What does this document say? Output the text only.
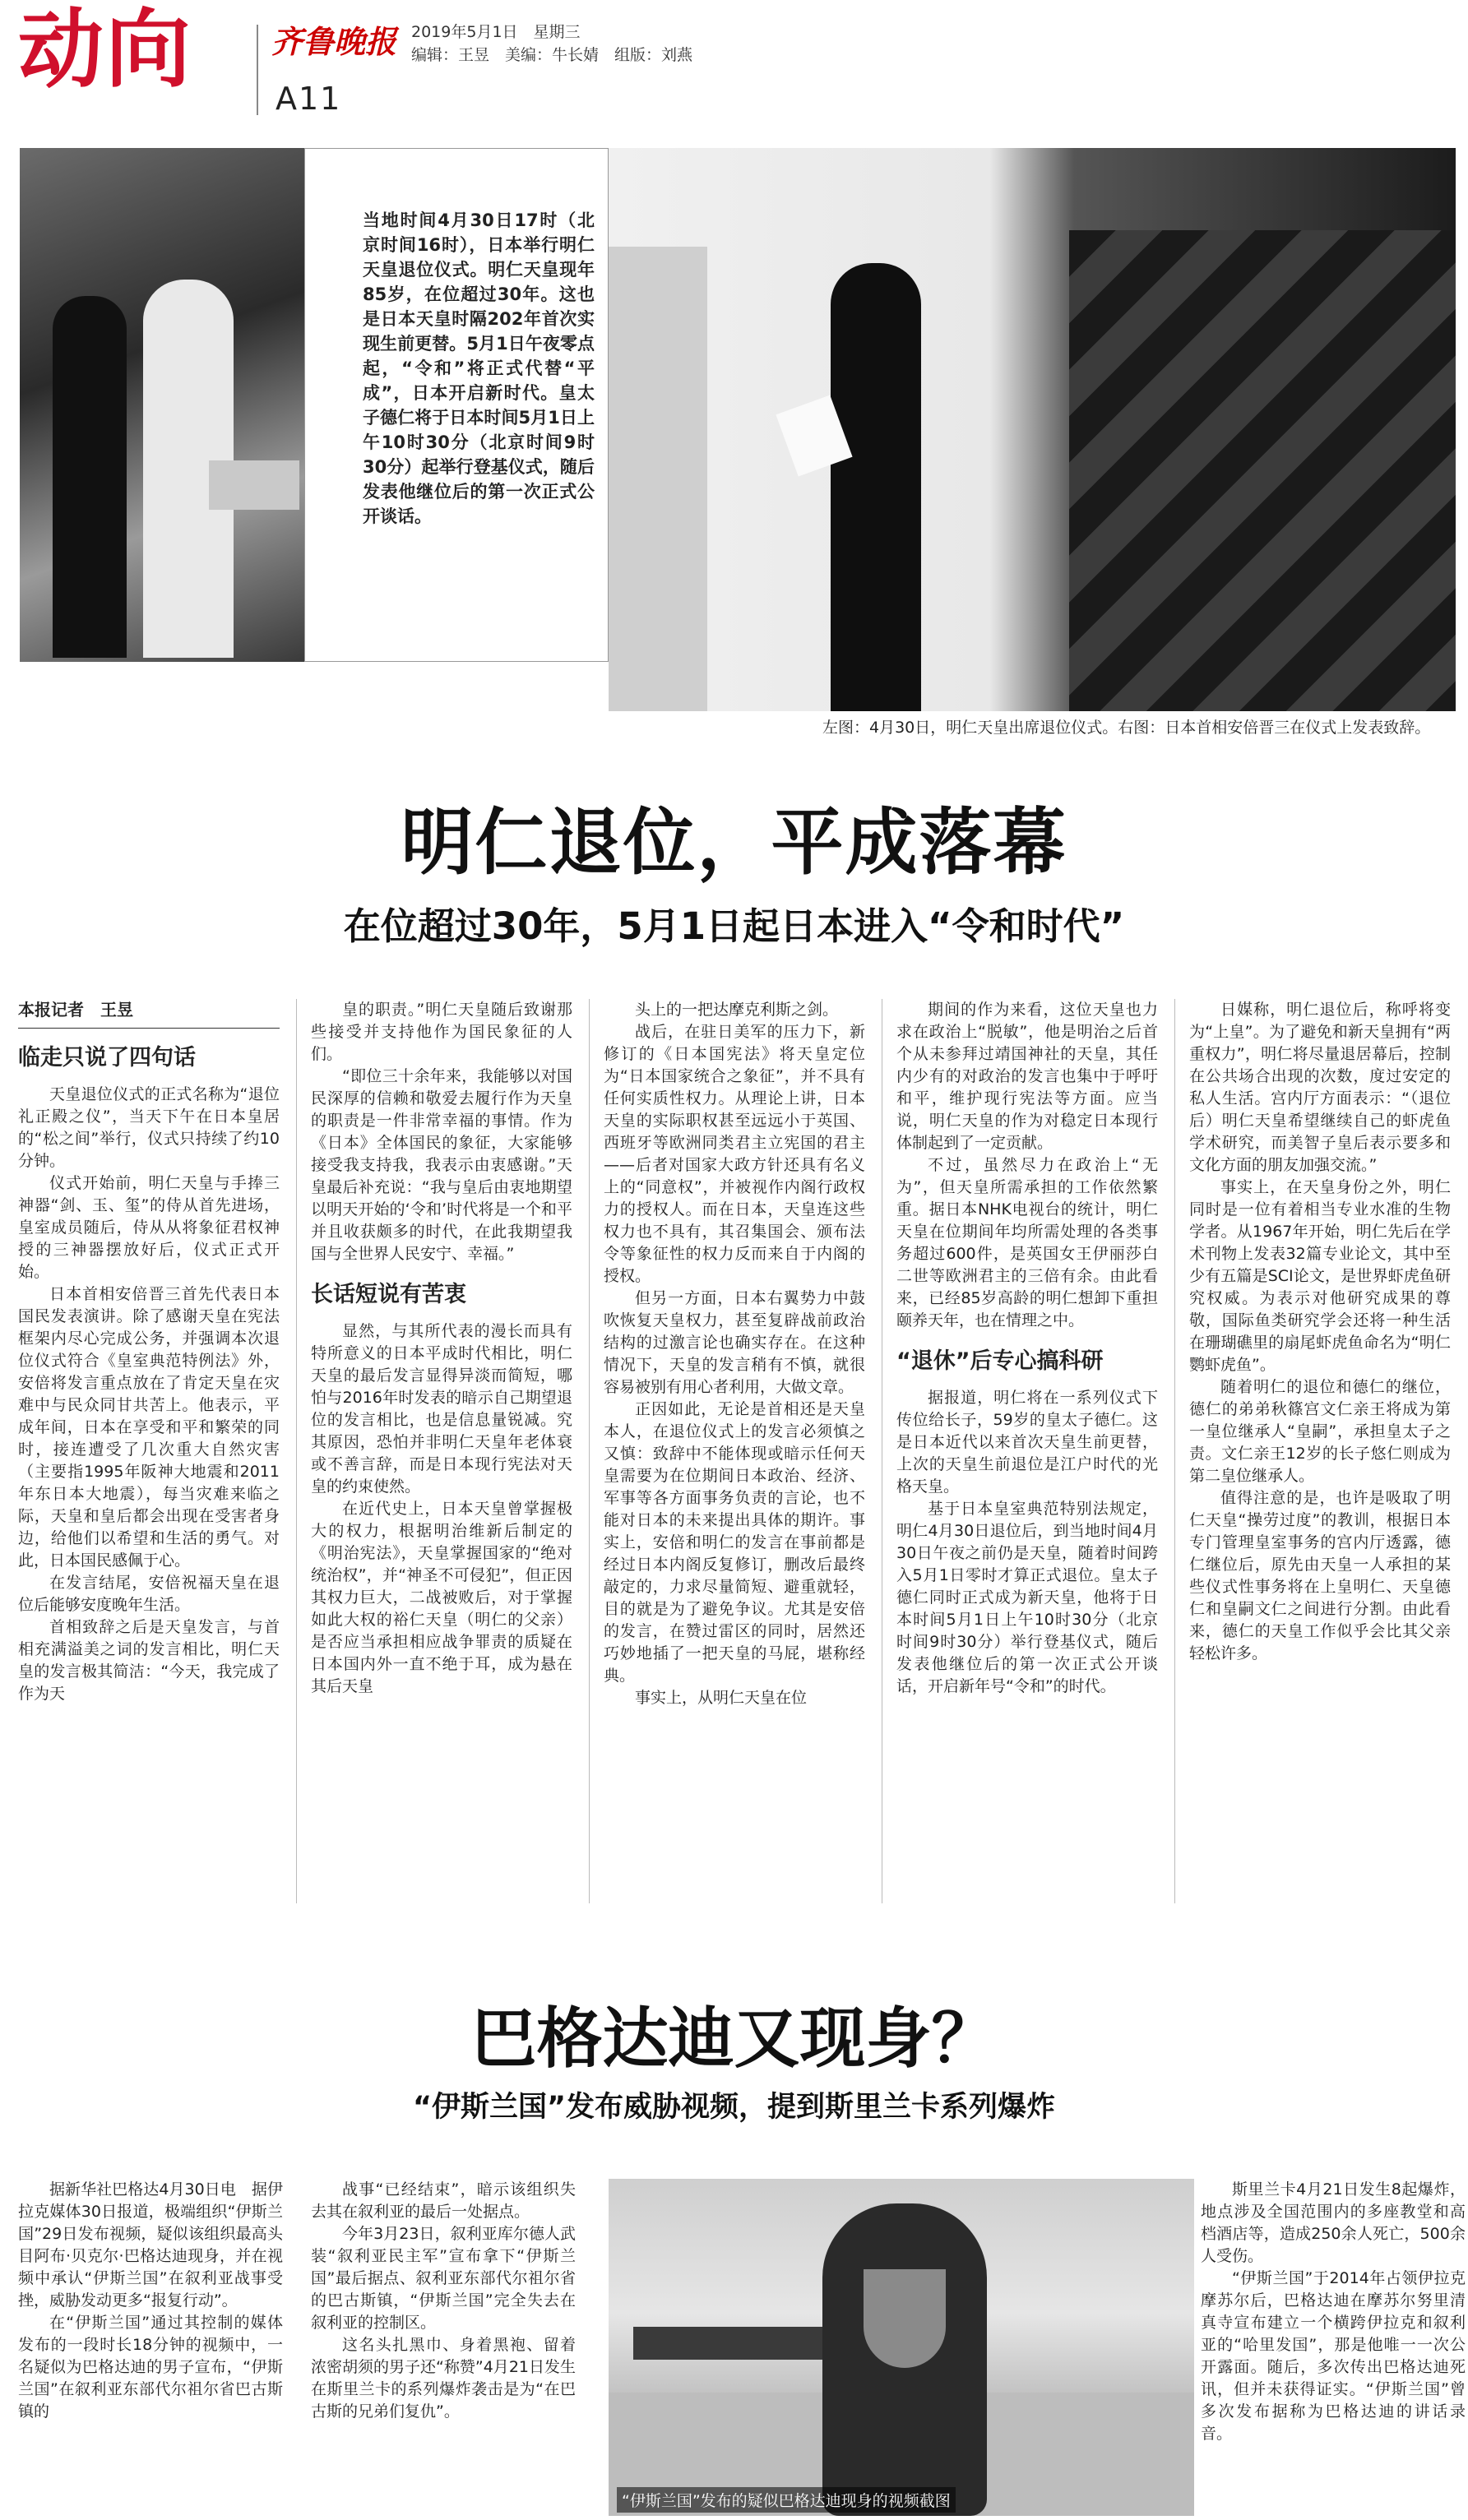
动向	齐鲁晚报
A11
2019年5月1日　星期三
编辑：王昱　美编：牛长婧　组版：刘燕
当地时间4月30日17时（北京时间16时），日本举行明仁天皇退位仪式。明仁天皇现年85岁，在位超过30年。这也是日本天皇时隔202年首次实现生前更替。5月1日午夜零点起，“令和”将正式代替“平成”，日本开启新时代。皇太子德仁将于日本时间5月1日上午10时30分（北京时间9时30分）起举行登基仪式，随后发表他继位后的第一次正式公开谈话。
左图：4月30日，明仁天皇出席退位仪式。右图：日本首相安倍晋三在仪式上发表致辞。
明仁退位，平成落幕
在位超过30年，5月1日起日本进入“令和时代”

本报记者　王昱

临走只说了四句话

天皇退位仪式的正式名称为“退位礼正殿之仪”，当天下午在日本皇居的“松之间”举行，仪式只持续了约10分钟。

仪式开始前，明仁天皇与手捧三神器“剑、玉、玺”的侍从首先进场，皇室成员随后，侍从从将象征君权神授的三神器摆放好后，仪式正式开始。

日本首相安倍晋三首先代表日本国民发表演讲。除了感谢天皇在宪法框架内尽心完成公务，并强调本次退位仪式符合《皇室典范特例法》外，安倍将发言重点放在了肯定天皇在灾难中与民众同甘共苦上。他表示，平成年间，日本在享受和平和繁荣的同时，接连遭受了几次重大自然灾害（主要指1995年阪神大地震和2011年东日本大地震），每当灾难来临之际，天皇和皇后都会出现在受害者身边，给他们以希望和生活的勇气。对此，日本国民感佩于心。

在发言结尾，安倍祝福天皇在退位后能够安度晚年生活。

首相致辞之后是天皇发言，与首相充满溢美之词的发言相比，明仁天皇的发言极其简洁：“今天，我完成了作为天

皇的职责。”明仁天皇随后致谢那些接受并支持他作为国民象征的人们。

“即位三十余年来，我能够以对国民深厚的信赖和敬爱去履行作为天皇的职责是一件非常幸福的事情。作为《日本》全体国民的象征，大家能够接受我支持我，我表示由衷感谢。”天皇最后补充说：“我与皇后由衷地期望以明天开始的‘令和’时代将是一个和平并且收获颇多的时代，在此我期望我国与全世界人民安宁、幸福。”

长话短说有苦衷

显然，与其所代表的漫长而具有特所意义的日本平成时代相比，明仁天皇的最后发言显得异淡而简短，哪怕与2016年时发表的暗示自己期望退位的发言相比，也是信息量锐减。究其原因，恐怕并非明仁天皇年老体衰或不善言辞，而是日本现行宪法对天皇的约束使然。

在近代史上，日本天皇曾掌握极大的权力，根据明治维新后制定的《明治宪法》，天皇掌握国家的“绝对统治权”，并“神圣不可侵犯”，但正因其权力巨大，二战被败后，对于掌握如此大权的裕仁天皇（明仁的父亲）是否应当承担相应战争罪责的质疑在日本国内外一直不绝于耳，成为悬在其后天皇

头上的一把达摩克利斯之剑。

战后，在驻日美军的压力下，新修订的《日本国宪法》将天皇定位为“日本国家统合之象征”，并不具有任何实质性权力。从理论上讲，日本天皇的实际职权甚至远远小于英国、西班牙等欧洲同类君主立宪国的君主——后者对国家大政方针还具有名义上的“同意权”，并被视作内阁行政权力的授权人。而在日本，天皇连这些权力也不具有，其召集国会、颁布法令等象征性的权力反而来自于内阁的授权。

但另一方面，日本右翼势力中鼓吹恢复天皇权力，甚至复辟战前政治结构的过激言论也确实存在。在这种情况下，天皇的发言稍有不慎，就很容易被别有用心者利用，大做文章。

正因如此，无论是首相还是天皇本人，在退位仪式上的发言必须慎之又慎：致辞中不能体现或暗示任何天皇需要为在位期间日本政治、经济、军事等各方面事务负责的言论，也不能对日本的未来提出具体的期许。事实上，安倍和明仁的发言在事前都是经过日本内阁反复修订，删改后最终敲定的，力求尽量简短、避重就轻，目的就是为了避免争议。尤其是安倍的发言，在赞过雷区的同时，居然还巧妙地插了一把天皇的马屁，堪称经典。

事实上，从明仁天皇在位

期间的作为来看，这位天皇也力求在政治上“脱敏”，他是明治之后首个从未参拜过靖国神社的天皇，其任内少有的对政治的发言也集中于呼吁和平，维护现行宪法等方面。应当说，明仁天皇的作为对稳定日本现行体制起到了一定贡献。

不过，虽然尽力在政治上“无为”，但天皇所需承担的工作依然繁重。据日本NHK电视台的统计，明仁天皇在位期间年均所需处理的各类事务超过600件，是英国女王伊丽莎白二世等欧洲君主的三倍有余。由此看来，已经85岁高龄的明仁想卸下重担颐养天年，也在情理之中。

“退休”后专心搞科研

据报道，明仁将在一系列仪式下传位给长子，59岁的皇太子德仁。这是日本近代以来首次天皇生前更替，上次的天皇生前退位是江户时代的光格天皇。

基于日本皇室典范特别法规定，明仁4月30日退位后，到当地时间4月30日午夜之前仍是天皇，随着时间跨入5月1日零时才算正式退位。皇太子德仁同时正式成为新天皇，他将于日本时间5月1日上午10时30分（北京时间9时30分）举行登基仪式，随后发表他继位后的第一次正式公开谈话，开启新年号“令和”的时代。

日媒称，明仁退位后，称呼将变为“上皇”。为了避免和新天皇拥有“两重权力”，明仁将尽量退居幕后，控制在公共场合出现的次数，度过安定的私人生活。宫内厅方面表示：“（退位后）明仁天皇希望继续自己的虾虎鱼学术研究，而美智子皇后表示要多和文化方面的朋友加强交流。”

事实上，在天皇身份之外，明仁同时是一位有着相当专业水准的生物学者。从1967年开始，明仁先后在学术刊物上发表32篇专业论文，其中至少有五篇是SCI论文，是世界虾虎鱼研究权威。为表示对他研究成果的尊敬，国际鱼类研究学会还将一种生活在珊瑚礁里的扇尾虾虎鱼命名为“明仁鹦虾虎鱼”。

随着明仁的退位和德仁的继位，德仁的弟弟秋篠宫文仁亲王将成为第一皇位继承人“皇嗣”，承担皇太子之责。文仁亲王12岁的长子悠仁则成为第二皇位继承人。

值得注意的是，也许是吸取了明仁天皇“操劳过度”的教训，根据日本专门管理皇室事务的宫内厅透露，德仁继位后，原先由天皇一人承担的某些仪式性事务将在上皇明仁、天皇德仁和皇嗣文仁之间进行分割。由此看来，德仁的天皇工作似乎会比其父亲轻松许多。

巴格达迪又现身？
“伊斯兰国”发布威胁视频，提到斯里兰卡系列爆炸

据新华社巴格达4月30日电　据伊拉克媒体30日报道，极端组织“伊斯兰国”29日发布视频，疑似该组织最高头目阿布·贝克尔·巴格达迪现身，并在视频中承认“伊斯兰国”在叙利亚战事受挫，威胁发动更多“报复行动”。

在“伊斯兰国”通过其控制的媒体发布的一段时长18分钟的视频中，一名疑似为巴格达迪的男子宣布，“伊斯兰国”在叙利亚东部代尔祖尔省巴古斯镇的

战事“已经结束”，暗示该组织失去其在叙利亚的最后一处据点。

今年3月23日，叙利亚库尔德人武装“叙利亚民主军”宣布拿下“伊斯兰国”最后据点、叙利亚东部代尔祖尔省的巴古斯镇，“伊斯兰国”完全失去在叙利亚的控制区。

这名头扎黑巾、身着黑袍、留着浓密胡须的男子还“称赞”4月21日发生在斯里兰卡的系列爆炸袭击是为“在巴古斯的兄弟们复仇”。

“伊斯兰国”发布的疑似巴格达迪现身的视频截图

斯里兰卡4月21日发生8起爆炸，地点涉及全国范围内的多座教堂和高档酒店等，造成250余人死亡，500余人受伤。

“伊斯兰国”于2014年占领伊拉克摩苏尔后，巴格达迪在摩苏尔努里清真寺宣布建立一个横跨伊拉克和叙利亚的“哈里发国”，那是他唯一一次公开露面。随后，多次传出巴格达迪死讯，但并未获得证实。“伊斯兰国”曾多次发布据称为巴格达迪的讲话录音。
